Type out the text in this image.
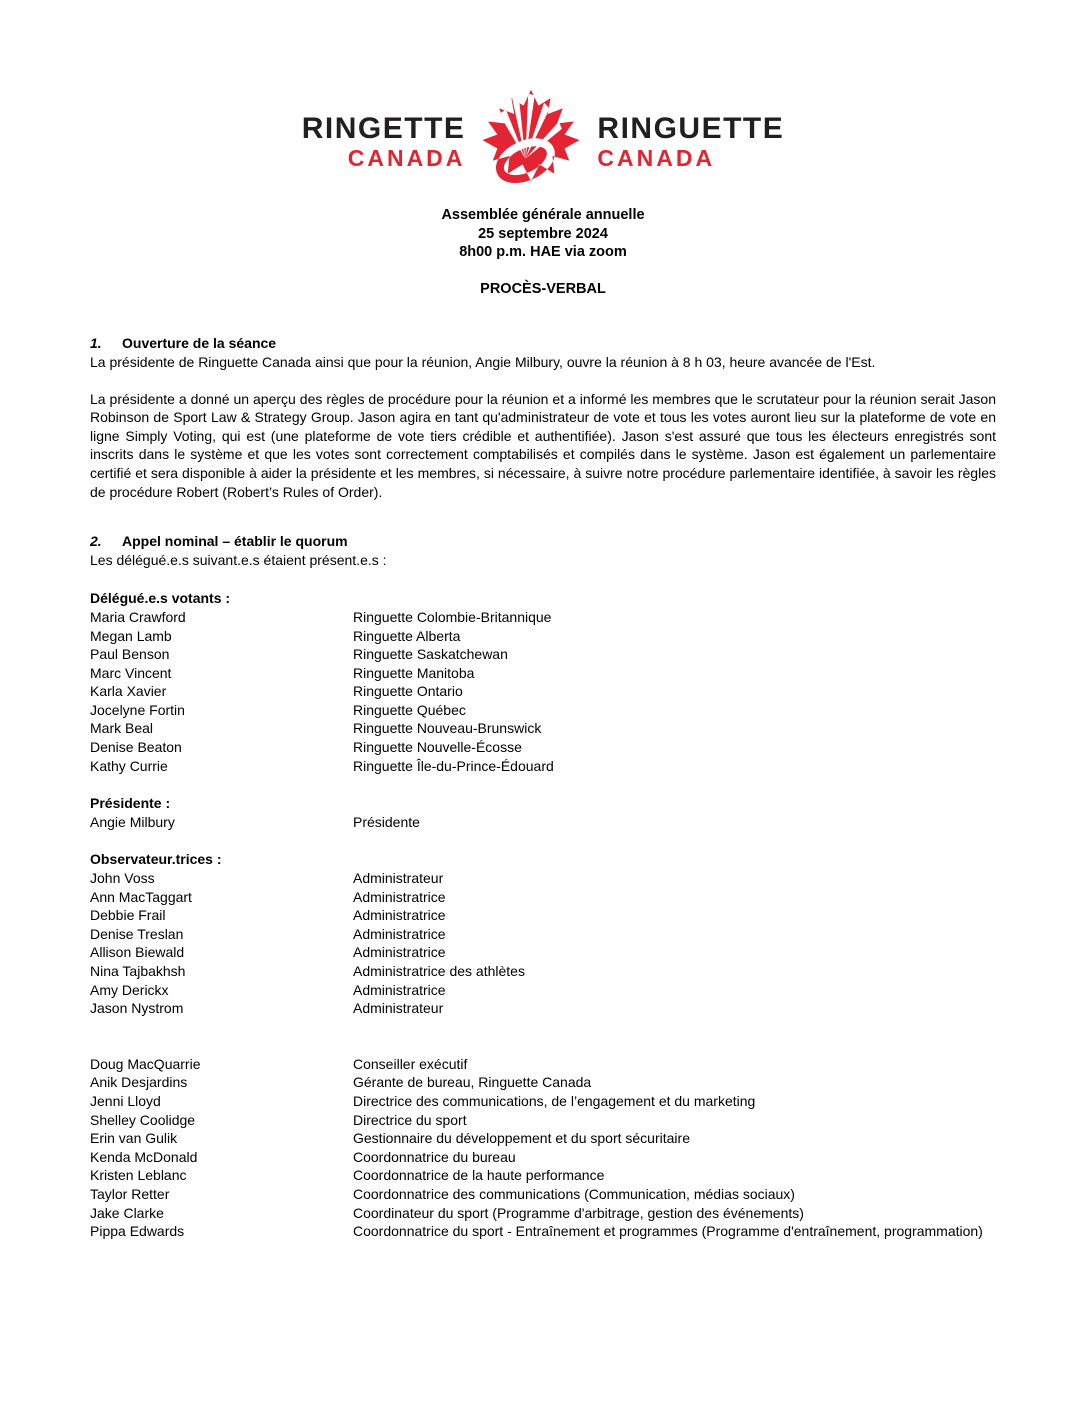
RINGETTE
CANADA
RINGUETTE
CANADA
Assemblée générale annuelle
25 septembre 2024
8h00 p.m. HAE via zoom
PROCÈS-VERBAL
1. Ouverture de la séance

La présidente de Ringuette Canada ainsi que pour la réunion, Angie Milbury, ouvre la réunion à 8 h 03, heure avancée de l'Est.

La présidente a donné un aperçu des règles de procédure pour la réunion et a informé les membres que le scrutateur pour la réunion serait Jason Robinson de Sport Law & Strategy Group. Jason agira en tant qu'administrateur de vote et tous les votes auront lieu sur la plateforme de vote en ligne Simply Voting, qui est (une plateforme de vote tiers crédible et authentifiée). Jason s'est assuré que tous les électeurs enregistrés sont inscrits dans le système et que les votes sont correctement comptabilisés et compilés dans le système. Jason est également un parlementaire certifié et sera disponible à aider la présidente et les membres, si nécessaire, à suivre notre procédure parlementaire identifiée, à savoir les règles de procédure Robert (Robert’s Rules of Order).

2. Appel nominal – établir le quorum

Les délégué.e.s suivant.e.s étaient présent.e.s :

Délégué.e.s votants :
Maria Crawford	Ringuette Colombie-Britannique
Megan Lamb	Ringuette Alberta
Paul Benson	Ringuette Saskatchewan
Marc Vincent	Ringuette Manitoba
Karla Xavier	Ringuette Ontario
Jocelyne Fortin	Ringuette Québec
Mark Beal	Ringuette Nouveau-Brunswick
Denise Beaton	Ringuette Nouvelle-Écosse
Kathy Currie	Ringuette Île-du-Prince-Édouard
Présidente :
Angie Milbury	Présidente
Observateur.trices :
John Voss	Administrateur
Ann MacTaggart	Administratrice
Debbie Frail	Administratrice
Denise Treslan	Administratrice
Allison Biewald	Administratrice
Nina Tajbakhsh	Administratrice des athlètes
Amy Derickx	Administratrice
Jason Nystrom	Administrateur
Doug MacQuarrie	Conseiller exécutif
Anik Desjardins	Gérante de bureau, Ringuette Canada
Jenni Lloyd	Directrice des communications, de l’engagement et du marketing
Shelley Coolidge	Directrice du sport
Erin van Gulik	Gestionnaire du développement et du sport sécuritaire
Kenda McDonald	Coordonnatrice du bureau
Kristen Leblanc	Coordonnatrice de la haute performance
Taylor Retter	Coordonnatrice des communications (Communication, médias sociaux)
Jake Clarke	Coordinateur du sport (Programme d'arbitrage, gestion des événements)
Pippa Edwards	Coordonnatrice du sport - Entraînement et programmes (Programme d'entraînement, programmation)
